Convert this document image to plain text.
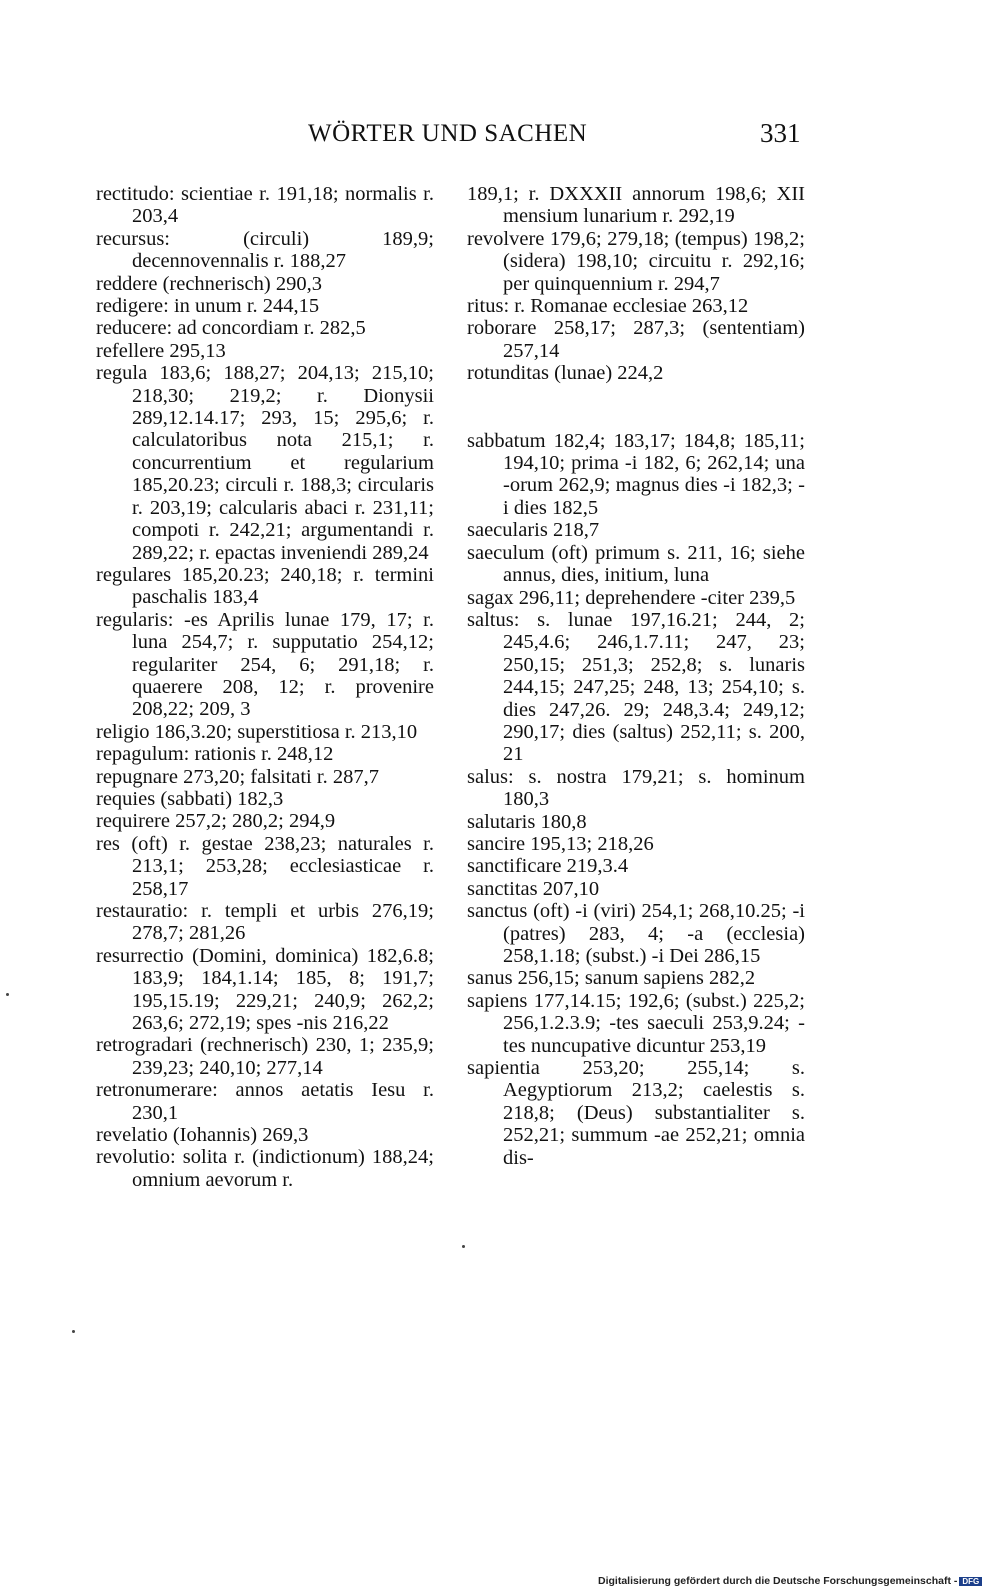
WÖRTER UND SACHEN	331
rectitudo: scientiae r. 191,18; normalis r. 203,4
recursus: (circuli) 189,9; decennovennalis r. 188,27
reddere (rechnerisch) 290,3
redigere: in unum r. 244,15
reducere: ad concordiam r. 282,5
refellere 295,13
regula 183,6; 188,27; 204,13; 215,10; 218,30; 219,2; r. Dionysii 289,12.14.17; 293, 15; 295,6; r. calculatoribus nota 215,1; r. concurrentium et regularium 185,20.23; circuli r. 188,3; circularis r. 203,19; calcularis abaci r. 231,11; compoti r. 242,21; argumentandi r. 289,22; r. epactas inveniendi 289,24
regulares 185,20.23; 240,18; r. termini paschalis 183,4
regularis: -es Aprilis lunae 179, 17; r. luna 254,7; r. supputatio 254,12; regulariter 254, 6; 291,18; r. quaerere 208, 12; r. provenire 208,22; 209, 3
religio 186,3.20; superstitiosa r. 213,10
repagulum: rationis r. 248,12
repugnare 273,20; falsitati r. 287,7
requies (sabbati) 182,3
requirere 257,2; 280,2; 294,9
res (oft) r. gestae 238,23; naturales r. 213,1; 253,28; ecclesiasticae r. 258,17
restauratio: r. templi et urbis 276,19; 278,7; 281,26
resurrectio (Domini, dominica) 182,6.8; 183,9; 184,1.14; 185, 8; 191,7; 195,15.19; 229,21; 240,9; 262,2; 263,6; 272,19; spes -nis 216,22
retrogradari (rechnerisch) 230, 1; 235,9; 239,23; 240,10; 277,14
retronumerare: annos aetatis Iesu r. 230,1
revelatio (Iohannis) 269,3
revolutio: solita r. (indictionum) 188,24; omnium aevorum r.
189,1; r. DXXXII annorum 198,6; XII mensium lunarium r. 292,19
revolvere 179,6; 279,18; (tempus) 198,2; (sidera) 198,10; circuitu r. 292,16; per quinquennium r. 294,7
ritus: r. Romanae ecclesiae 263,12
roborare 258,17; 287,3; (sententiam) 257,14
rotunditas (lunae) 224,2
sabbatum 182,4; 183,17; 184,8; 185,11; 194,10; prima -i 182, 6; 262,14; una -orum 262,9; magnus dies -i 182,3; -i dies 182,5
saecularis 218,7
saeculum (oft) primum s. 211, 16; siehe annus, dies, initium, luna
sagax 296,11; deprehendere -citer 239,5
saltus: s. lunae 197,16.21; 244, 2; 245,4.6; 246,1.7.11; 247, 23; 250,15; 251,3; 252,8; s. lunaris 244,15; 247,25; 248, 13; 254,10; s. dies 247,26. 29; 248,3.4; 249,12; 290,17; dies (saltus) 252,11; s. 200, 21
salus: s. nostra 179,21; s. hominum 180,3
salutaris 180,8
sancire 195,13; 218,26
sanctificare 219,3.4
sanctitas 207,10
sanctus (oft) -i (viri) 254,1; 268,10.25; -i (patres) 283, 4; -a (ecclesia) 258,1.18; (subst.) -i Dei 286,15
sanus 256,15; sanum sapiens 282,2
sapiens 177,14.15; 192,6; (subst.) 225,2; 256,1.2.3.9; -tes saeculi 253,9.24; -tes nuncupative dicuntur 253,19
sapientia 253,20; 255,14; s. Aegyptiorum 213,2; caelestis s. 218,8; (Deus) substantialiter s. 252,21; summum -ae 252,21; omnia dis-
Digitalisierung gefördert durch die Deutsche Forschungsgemeinschaft - DFG
